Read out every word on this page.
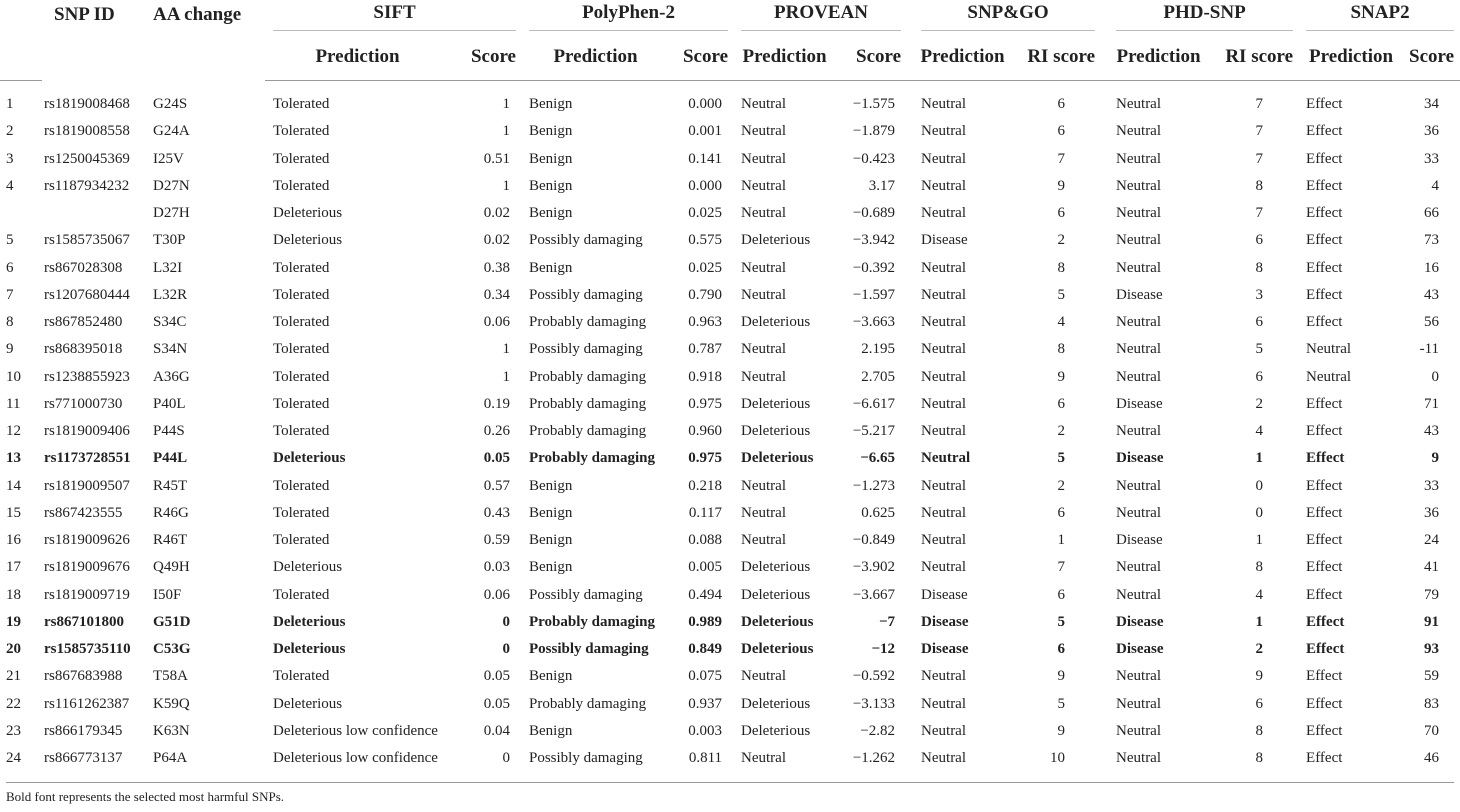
	SNP ID	AA change	SIFT		PolyPhen-2		PROVEAN		SNP&GO		PHD-SNP		SNAP2	

			Prediction	Score	Prediction	Score	Prediction	Score	Prediction	RI score	Prediction	RI score	Prediction	Score

1	rs1819008468	G24S	Tolerated	1	Benign	0.000	Neutral	−1.575	Neutral	6	Neutral	7	Effect	34
2	rs1819008558	G24A	Tolerated	1	Benign	0.001	Neutral	−1.879	Neutral	6	Neutral	7	Effect	36
3	rs1250045369	I25V	Tolerated	0.51	Benign	0.141	Neutral	−0.423	Neutral	7	Neutral	7	Effect	33
4	rs1187934232	D27N	Tolerated	1	Benign	0.000	Neutral	3.17	Neutral	9	Neutral	8	Effect	4
		D27H	Deleterious	0.02	Benign	0.025	Neutral	−0.689	Neutral	6	Neutral	7	Effect	66
5	rs1585735067	T30P	Deleterious	0.02	Possibly damaging	0.575	Deleterious	−3.942	Disease	2	Neutral	6	Effect	73
6	rs867028308	L32I	Tolerated	0.38	Benign	0.025	Neutral	−0.392	Neutral	8	Neutral	8	Effect	16
7	rs1207680444	L32R	Tolerated	0.34	Possibly damaging	0.790	Neutral	−1.597	Neutral	5	Disease	3	Effect	43
8	rs867852480	S34C	Tolerated	0.06	Probably damaging	0.963	Deleterious	−3.663	Neutral	4	Neutral	6	Effect	56
9	rs868395018	S34N	Tolerated	1	Possibly damaging	0.787	Neutral	2.195	Neutral	8	Neutral	5	Neutral	-11
10	rs1238855923	A36G	Tolerated	1	Probably damaging	0.918	Neutral	2.705	Neutral	9	Neutral	6	Neutral	0
11	rs771000730	P40L	Tolerated	0.19	Probably damaging	0.975	Deleterious	−6.617	Neutral	6	Disease	2	Effect	71
12	rs1819009406	P44S	Tolerated	0.26	Probably damaging	0.960	Deleterious	−5.217	Neutral	2	Neutral	4	Effect	43
13	rs1173728551	P44L	Deleterious	0.05	Probably damaging	0.975	Deleterious	−6.65	Neutral	5	Disease	1	Effect	9
14	rs1819009507	R45T	Tolerated	0.57	Benign	0.218	Neutral	−1.273	Neutral	2	Neutral	0	Effect	33
15	rs867423555	R46G	Tolerated	0.43	Benign	0.117	Neutral	0.625	Neutral	6	Neutral	0	Effect	36
16	rs1819009626	R46T	Tolerated	0.59	Benign	0.088	Neutral	−0.849	Neutral	1	Disease	1	Effect	24
17	rs1819009676	Q49H	Deleterious	0.03	Benign	0.005	Deleterious	−3.902	Neutral	7	Neutral	8	Effect	41
18	rs1819009719	I50F	Tolerated	0.06	Possibly damaging	0.494	Deleterious	−3.667	Disease	6	Neutral	4	Effect	79
19	rs867101800	G51D	Deleterious	0	Probably damaging	0.989	Deleterious	−7	Disease	5	Disease	1	Effect	91
20	rs1585735110	C53G	Deleterious	0	Possibly damaging	0.849	Deleterious	−12	Disease	6	Disease	2	Effect	93
21	rs867683988	T58A	Tolerated	0.05	Benign	0.075	Neutral	−0.592	Neutral	9	Neutral	9	Effect	59
22	rs1161262387	K59Q	Deleterious	0.05	Probably damaging	0.937	Deleterious	−3.133	Neutral	5	Neutral	6	Effect	83
23	rs866179345	K63N	Deleterious low confidence	0.04	Benign	0.003	Deleterious	−2.82	Neutral	9	Neutral	8	Effect	70
24	rs866773137	P64A	Deleterious low confidence	0	Possibly damaging	0.811	Neutral	−1.262	Neutral	10	Neutral	8	Effect	46
Bold font represents the selected most harmful SNPs.
